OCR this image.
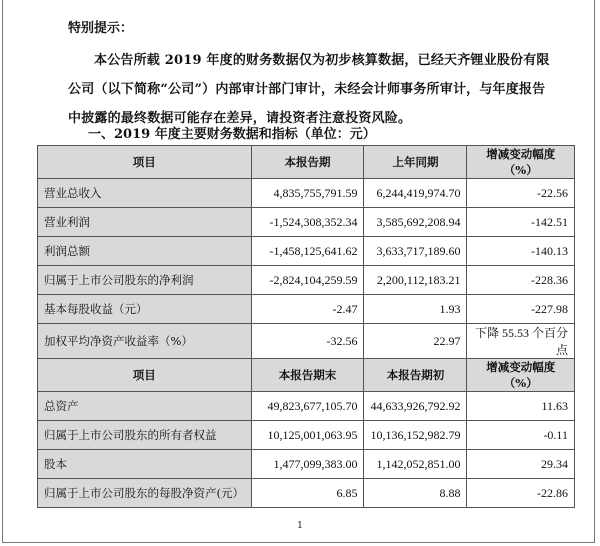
特别提示：
本公告所载 2019 年度的财务数据仅为初步核算数据，已经天齐锂业股份有限公司（以下简称“公司”）内部审计部门审计，未经会计师事务所审计，与年度报告中披露的最终数据可能存在差异，请投资者注意投资风险。
一、2019 年度主要财务数据和指标（单位：元）
项目	本报告期	上年同期	增减变动幅度（%）
营业总收入	4,835,755,791.59	6,244,419,974.70	-22.56
营业利润	-1,524,308,352.34	3,585,692,208.94	-142.51
利润总额	-1,458,125,641.62	3,633,717,189.60	-140.13
归属于上市公司股东的净利润	-2,824,104,259.59	2,200,112,183.21	-228.36
基本每股收益（元）	-2.47	1.93	-227.98
加权平均净资产收益率（%）	-32.56	22.97	下降 55.53 个百分点
项目	本报告期末	本报告期初	增减变动幅度（%）
总资产	49,823,677,105.70	44,633,926,792.92	11.63
归属于上市公司股东的所有者权益	10,125,001,063.95	10,136,152,982.79	-0.11
股本	1,477,099,383.00	1,142,052,851.00	29.34
归属于上市公司股东的每股净资产(元）	6.85	8.88	-22.86
1
